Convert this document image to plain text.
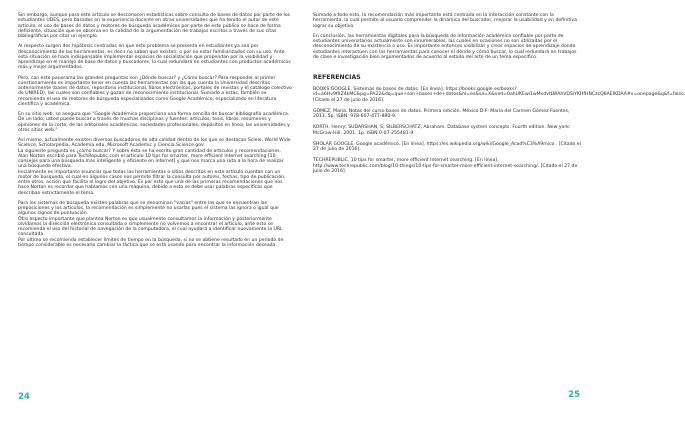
Sin embargo, aunque para este artículo se desconocen estadísticas sobre consulta de bases de datos por parte de los estudiantes UDES, pero basados en la experiencia docente en otras universidades que ha tenido el autor de este artículo, el uso de bases de datos y motores de búsqueda académicos por parte de este público se hace de forma deficiente, situación que se observa en la calidad de la argumentación de trabajos escritos a través de sus citas bibliográficas por citar un ejemplo.

Al respecto surgen dos hipótesis centradas en que este problema se presenta en estudiantes ya sea por desconocimiento de las herramientas, es decir no saben que existen; o por no estar familiarizados con su uso. Ante esta situación se hace indispensable implementar espacios de socialización que propendan por la visibilidad y aprendizaje en el manejo de base de datos y buscadores, lo cual redundará en estudiantes con productos académicos más y mejor argumentados.

Pero, con este panorama las grandes preguntas son ¿Dónde buscar? y ¿Cómo buscar? Para responder al primer cuestionamiento es importante tener en cuenta las herramientas con las que cuenta la Universidad descritas anteriormente (bases de datos, repositorio institucional, libros electrónicos, portales de revistas y el catálogo colectivo de UNIRED), las cuales son confiables y gozan de reconocimiento institucional. Sumado a estas, también se recomienda el uso de motores de búsqueda especializados como Google Académico, especializado en literatura científica y académica.

En su sitio web, se asegura que "Google Académico proporciona una forma sencilla de buscar bibliografía académica. De un lado, usted puede buscar a través de muchas disciplinas y fuentes: artículos, tesis, libros, resúmenes y opiniones de la corte, de las editoriales académicas, sociedades profesionales, depósitos en línea, las universidades y otros sitios web."

Así mismo, actualmente existen diversos buscadores de alta calidad dentro de los que se destacan Scielo, World Wide Science, Scholarpedia, Academia.edu, Microsoft Academic y Ciencia.Science.gov.

La siguiente pregunta es ¿cómo buscar? Y sobre ésta se ha escrito gran cantidad de artículos y recomendaciones. Alan Norton escribió para TechRepublic.com el artículo 10 tips for smarter, more efficient Internet searching [10 consejos para una búsqueda más inteligente y eficiente en internet] y que nos marca una ruta a la hora de realizar una búsqueda efectiva.

Inicialmente es importante enunciar que todas las herramientas o sitios descritos en este artículo cuentan con un motor de búsqueda, el cual en algunos casos nos permite filtrar la consulta por autores, fechas, tipo de publicación, entre otros, acción que facilita el logro del objetivo. Es por esto que una de las primeras recomendaciones que nos hace Norton es recordar que hablamos con una máquina, debido a esto se debe usar palabras específicas que describan estrictamente el tema.

Para los sistemas de búsqueda existen palabras que se denominan "vacías" entre las que se encuentran las preposiciones y los artículos, la recomendación es simplemente no usarlas pues el sistema las ignora o igual que algunos signos de puntuación.

Otro aspecto importante que plantea Norton es que usualmente consultamos la información y posteriormente olvidamos la dirección electrónica consultada o simplemente no volvemos a encontrar el artículo, ante esto se recomienda el uso del historial de navegación de la computadora, el cual ayudará a identificar nuevamente la URL consultada.

Por último se recomienda establecer límites de tiempo en la búsqueda, si no se obtiene resultado en un periodo de tiempo considerable es necesario cambiar la táctica que se está usando para encontrar la información deseada.

24

Sumado a todo esto, la recomendación más importante está centrada en la interacción constante con la herramienta, la cual permite al usuario comprender la dinámica del buscador, mejorar la usabilidad y en definitiva lograr su objetivo.

En conclusión, las herramientas digitales para la búsqueda de información académica confiable por parte de estudiantes universitarios actualmente son innumerables, las cuales en ocasiones no son utilizadas por el desconocimiento de su existencia o uso. Es importante entonces visibilizar y crear espacios de aprendizaje donde estudiantes interactúen con las herramientas para conocer el dónde y cómo buscar, lo cual redundará en trabajos de clase e investigación bien argumentados de acuerdo al estado del arte de un tema específico.

REFERENCIAS

BOOKS GOOGLE. Sistemas de bases de datos. [En línea]. https://books.google.es/books?id=a6Hv9fXZ4kMC&pg=PA22&dq=que+son+bases+de+datos&hl=es&sa=X&ved=0ahUKEwi1wMvdvtLWAhVDSiYKHfHNCzcQ6AEIKDAA#v=onepage&q&f=false. [Citado el 27 de julio de 2016].

GÓMEZ, María. Notas del curso bases de datos. Primera edición. México D.F: María del Carmen Gómez Fuentes, 2013. 5p. ISBN: 978-607-477-880-9.

KORTH, Henry; SUDARSHAN, S; SILBERSCHATZ, Abraham. Database system concepts. Fourth edition. New york: McGraw-Hill, 2001. 1p. ISBN 0-07-255481-9.

SHOLAR GOOGLE. Google académico. [En línea]. https://es.wikipedia.org/wiki/Google_Acad%C3%A9mico . [Citado el 27 de julio de 2016].

TECHREPUBLIC. 10 tips for smarter, more efficient Internet searching. [En línea]. http://www.techrepublic.com/blog/10-things/10-tips-for-smarter-more-efficient-internet-searching/. [Citado el 27 de julio de 2016].

25
